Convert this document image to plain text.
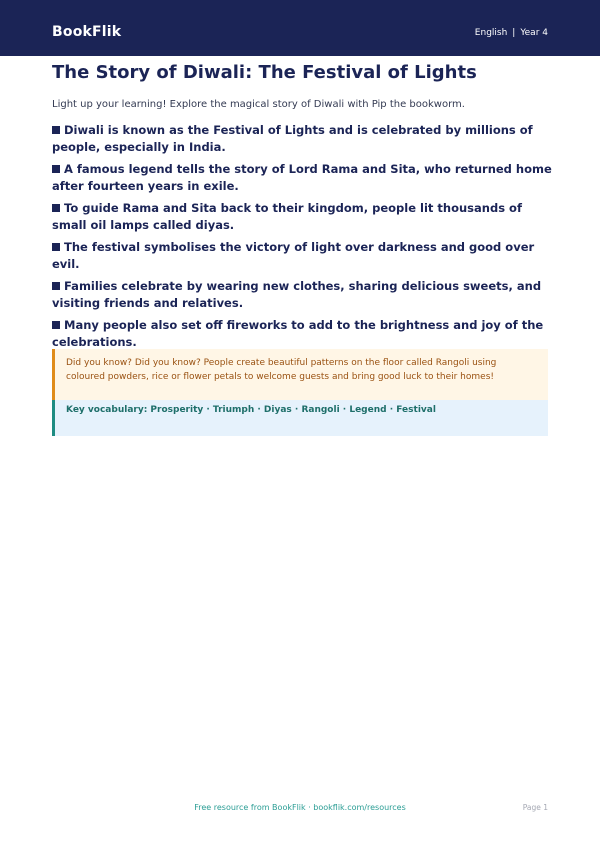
BookFlik	English | Year 4
The Story of Diwali: The Festival of Lights

Light up your learning! Explore the magical story of Diwali with Pip the bookworm.

Diwali is known as the Festival of Lights and is celebrated by millions of people, especially in India.
A famous legend tells the story of Lord Rama and Sita, who returned home after fourteen years in exile.
To guide Rama and Sita back to their kingdom, people lit thousands of small oil lamps called diyas.
The festival symbolises the victory of light over darkness and good over evil.
Families celebrate by wearing new clothes, sharing delicious sweets, and visiting friends and relatives.
Many people also set off fireworks to add to the brightness and joy of the celebrations.

Did you know? Did you know? People create beautiful patterns on the floor called Rangoli using coloured powders, rice or flower petals to welcome guests and bring good luck to their homes!

Key vocabulary: Prosperity · Triumph · Diyas · Rangoli · Legend · Festival

Free resource from BookFlik · bookflik.com/resources	Page 1
